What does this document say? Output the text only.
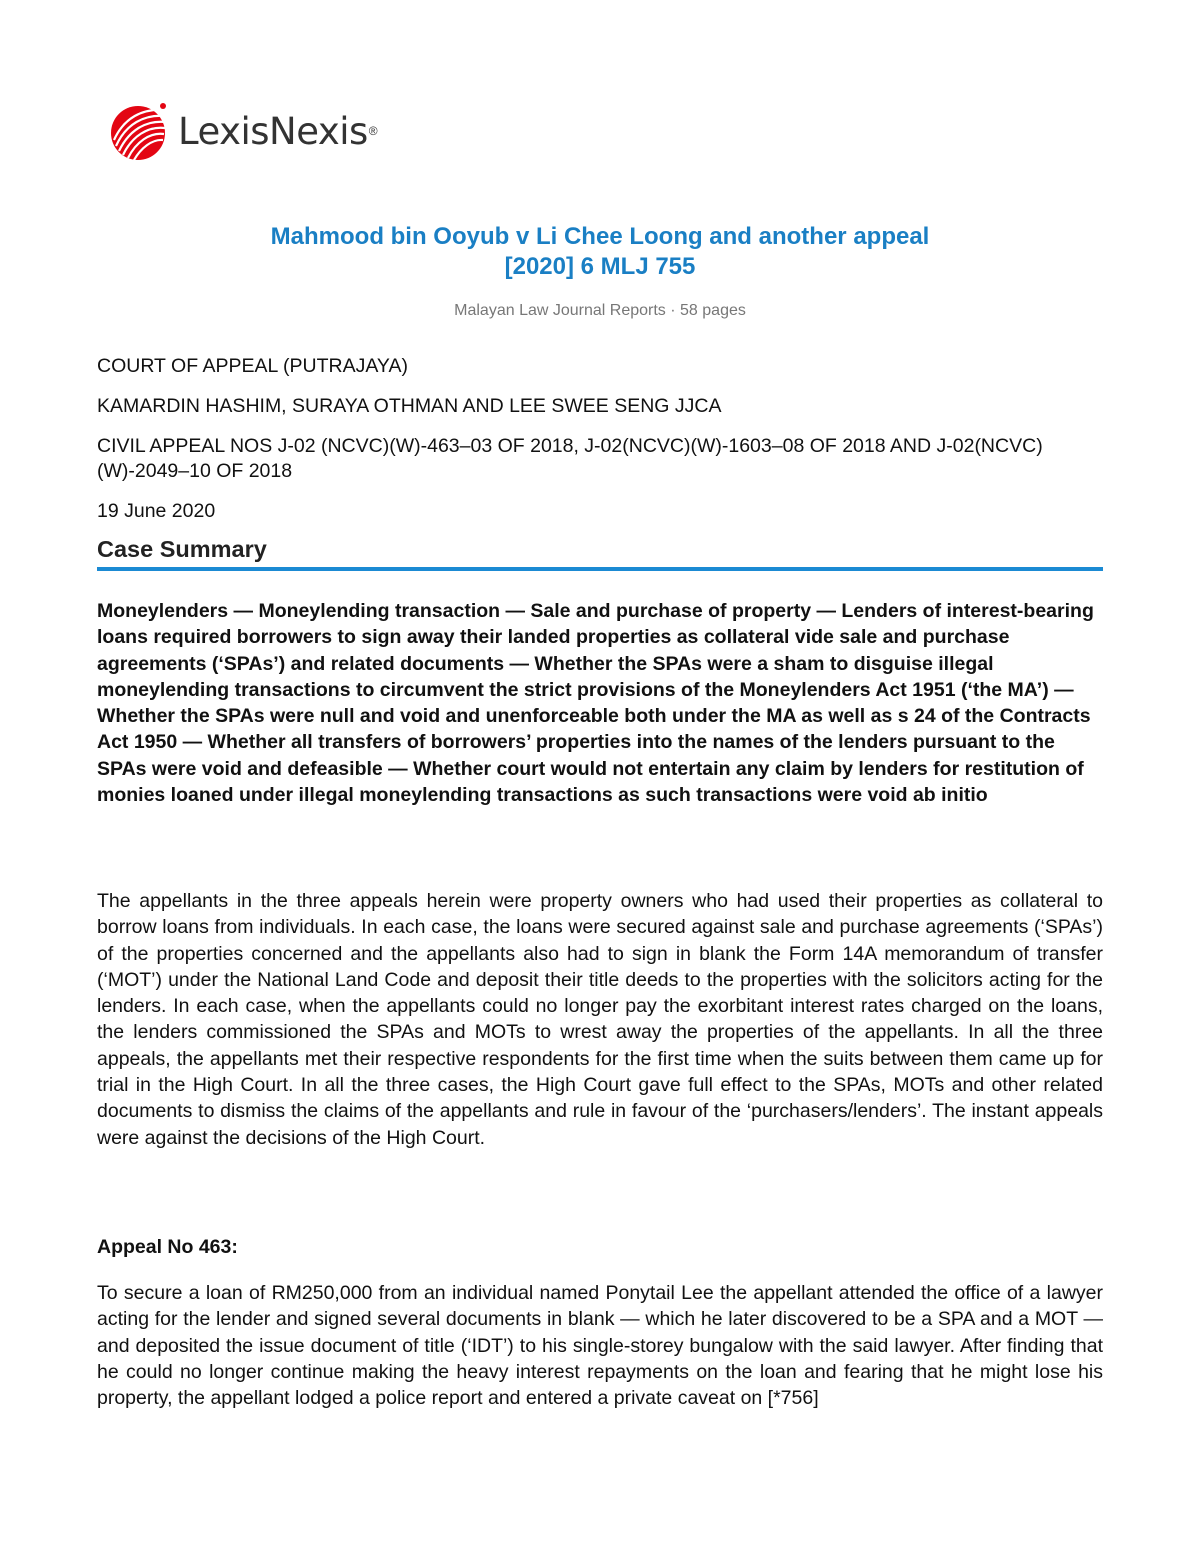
LexisNexis ®
Mahmood bin Ooyub v Li Chee Loong and another appeal
[2020] 6 MLJ 755
Malayan Law Journal Reports · 58 pages
COURT OF APPEAL (PUTRAJAYA)
KAMARDIN HASHIM, SURAYA OTHMAN AND LEE SWEE SENG JJCA
CIVIL APPEAL NOS J-02 (NCVC)(W)-463–03 OF 2018, J-02(NCVC)(W)-1603–08 OF 2018 AND J-02(NCVC)(W)-2049–10 OF 2018
19 June 2020
Case Summary
Moneylenders — Moneylending transaction — Sale and purchase of property — Lenders of interest-bearing loans required borrowers to sign away their landed properties as collateral vide sale and purchase agreements (‘SPAs’) and related documents — Whether the SPAs were a sham to disguise illegal moneylending transactions to circumvent the strict provisions of the Moneylenders Act 1951 (‘the MA’) — Whether the SPAs were null and void and unenforceable both under the MA as well as s 24 of the Contracts Act 1950 — Whether all transfers of borrowers’ properties into the names of the lenders pursuant to the SPAs were void and defeasible — Whether court would not entertain any claim by lenders for restitution of monies loaned under illegal moneylending transactions as such transactions were void ab initio
The appellants in the three appeals herein were property owners who had used their properties as collateral to borrow loans from individuals. In each case, the loans were secured against sale and purchase agreements (‘SPAs’) of the properties concerned and the appellants also had to sign in blank the Form 14A memorandum of transfer (‘MOT’) under the National Land Code and deposit their title deeds to the properties with the solicitors acting for the lenders. In each case, when the appellants could no longer pay the exorbitant interest rates charged on the loans, the lenders commissioned the SPAs and MOTs to wrest away the properties of the appellants. In all the three appeals, the appellants met their respective respondents for the first time when the suits between them came up for trial in the High Court. In all the three cases, the High Court gave full effect to the SPAs, MOTs and other related documents to dismiss the claims of the appellants and rule in favour of the ‘purchasers/lenders’. The instant appeals were against the decisions of the High Court.
Appeal No 463:
To secure a loan of RM250,000 from an individual named Ponytail Lee the appellant attended the office of a lawyer acting for the lender and signed several documents in blank — which he later discovered to be a SPA and a MOT — and deposited the issue document of title (‘IDT’) to his single-storey bungalow with the said lawyer. After finding that he could no longer continue making the heavy interest repayments on the loan and fearing that he might lose his property, the appellant lodged a police report and entered a private caveat on [*756]
